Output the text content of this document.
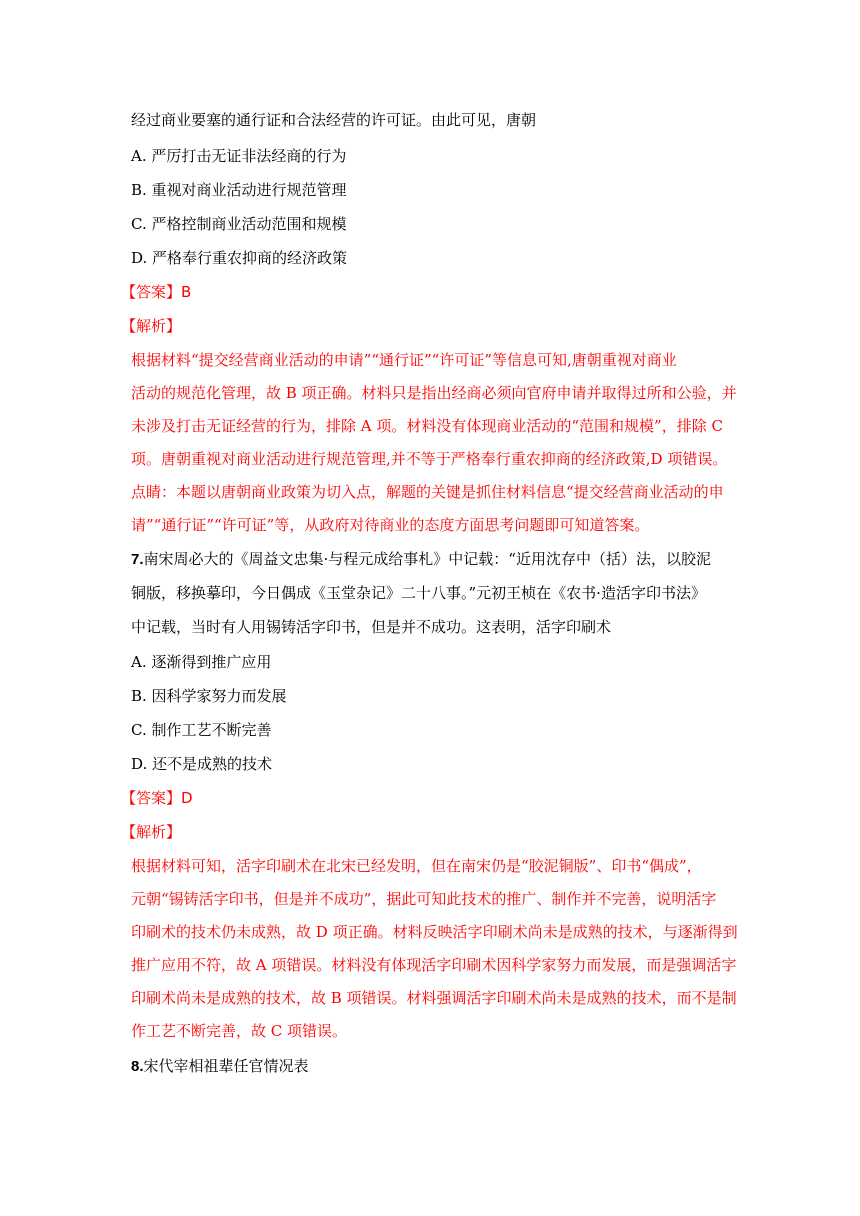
经过商业要塞的通行证和合法经营的许可证。由此可见，唐朝
A. 严厉打击无证非法经商的行为
B. 重视对商业活动进行规范管理
C. 严格控制商业活动范围和规模
D. 严格奉行重农抑商的经济政策
【答案】B
【解析】
根据材料“提交经营商业活动的申请”“通行证”“许可证”等信息可知,唐朝重视对商业
活动的规范化管理，故 B 项正确。材料只是指出经商必须向官府申请并取得过所和公验，并
未涉及打击无证经营的行为，排除 A 项。材料没有体现商业活动的“范围和规模”，排除 C
项。唐朝重视对商业活动进行规范管理,并不等于严格奉行重农抑商的经济政策,D 项错误。
点睛：本题以唐朝商业政策为切入点，解题的关键是抓住材料信息“提交经营商业活动的申
请”“通行证”“许可证”等，从政府对待商业的态度方面思考问题即可知道答案。
7.南宋周必大的《周益文忠集·与程元成给事札》中记载：“近用沈存中（括）法，以胶泥
铜版，移换摹印，今日偶成《玉堂杂记》二十八事。”元初王桢在《农书·造活字印书法》
中记载，当时有人用锡铸活字印书，但是并不成功。这表明，活字印刷术
A. 逐渐得到推广应用
B. 因科学家努力而发展
C. 制作工艺不断完善
D. 还不是成熟的技术
【答案】D
【解析】
根据材料可知，活字印刷术在北宋已经发明，但在南宋仍是“胶泥铜版”、印书“偶成”，
元朝“锡铸活字印书，但是并不成功”，据此可知此技术的推广、制作并不完善，说明活字
印刷术的技术仍未成熟，故 D 项正确。材料反映活字印刷术尚未是成熟的技术，与逐渐得到
推广应用不符，故 A 项错误。材料没有体现活字印刷术因科学家努力而发展，而是强调活字
印刷术尚未是成熟的技术，故 B 项错误。材料强调活字印刷术尚未是成熟的技术，而不是制
作工艺不断完善，故 C 项错误。
8.宋代宰相祖辈任官情况表
